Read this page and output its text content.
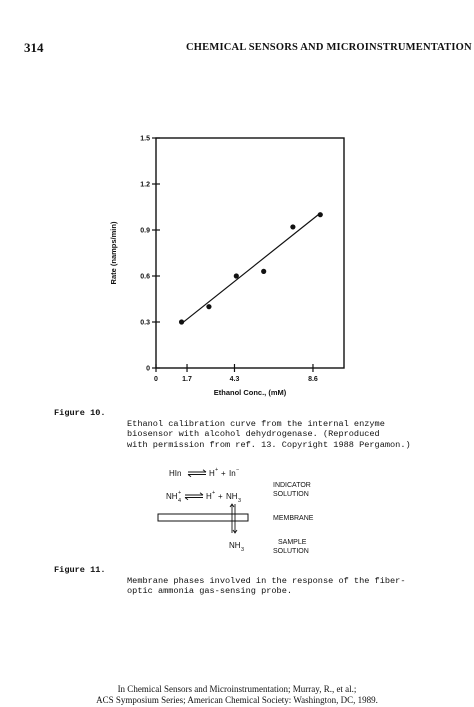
314	CHEMICAL SENSORS AND MICROINSTRUMENTATION
0
0.3
0.6
0.9
1.2
1.5
0	1.7	4.3	8.6
Ethanol Conc., (mM)
Rate (namps/min)
Figure 10.

Ethanol calibration curve from the internal enzyme
biosensor with alcohol dehydrogenase. (Reproduced
with permission from ref. 13. Copyright 1988 Pergamon.)

HIn	H + + In −
NH +
4	H + + NH 3
NH 3
INDICATOR
SOLUTION
MEMBRANE
SAMPLE
SOLUTION
Figure 11.

Membrane phases involved in the response of the fiber-
optic ammonia gas-sensing probe.

In Chemical Sensors and Microinstrumentation; Murray, R., et al.;
ACS Symposium Series; American Chemical Society: Washington, DC, 1989.
